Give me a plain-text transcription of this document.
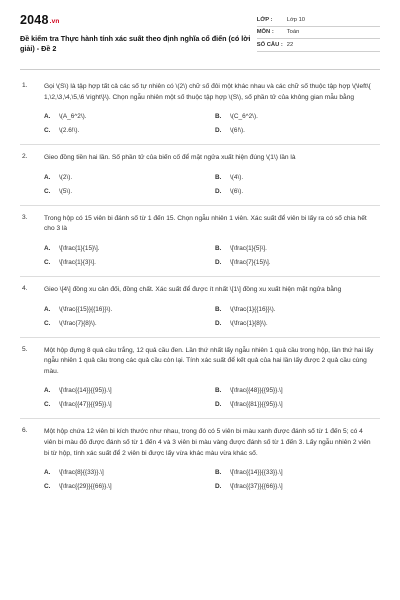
2048.vn
Đề kiểm tra Thực hành tính xác suất theo định nghĩa cổ điển (có lời giải) - Đề 2
LỚP :	Lớp 10
MÔN :	Toán
SỐ CÂU : 22
1.	Gọi \(S\) là tập hợp tất cả các số tự nhiên có \(2\) chữ số đôi một khác nhau và các chữ số thuộc tập hợp \(\left\{ 1,\2,\3,\4,\5,\6 \right\}\). Chọn ngẫu nhiên một số thuộc tập hợp \(S\), số phần tử của không gian mẫu bằng
A.	\(A_6^2\).	B.	\(C_6^2\).
C.	\(2.6!\).	D.	\(6!\).
2.	Gieo đồng tiền hai lần. Số phần tử của biến cố để mặt ngửa xuất hiện đúng \(1\) lần là
A.	\(2\).	B.	\(4\).
C.	\(5\).	D.	\(6\).
3.	Trong hộp có 15 viên bi đánh số từ 1 đến 15. Chọn ngẫu nhiên 1 viên. Xác suất để viên bi lấy ra có số chia hết cho 3 là
A.	\[\frac{1}{15}\].	B.	\[\frac{1}{5}\].
C.	\[\frac{1}{3}\].	D.	\[\frac{7}{15}\].
4.	Gieo \[4\] đồng xu cân đối, đồng chất. Xác suất để được ít nhất \[1\] đồng xu xuất hiện mặt ngửa bằng
A.	\(\frac{{15}}{{16}}\).	B.	\(\frac{1}{{16}}\).
C.	\(\frac{7}{8}\).	D.	\(\frac{1}{8}\).
5.	Một hộp đựng 8 quả cầu trắng, 12 quả cầu đen. Lần thứ nhất lấy ngẫu nhiên 1 quả cầu trong hộp, lần thứ hai lấy ngẫu nhiên 1 quả cầu trong các quả cầu còn lại. Tính xác suất để kết quả của hai lần lấy được 2 quả cầu cùng màu.
A.	\[\frac{{14}}{{95}}.\]	B.	\[\frac{{48}}{{95}}.\]
C.	\[\frac{{47}}{{95}}.\]	D.	\[\frac{{81}}{{95}}.\]
6.	Một hộp chứa 12 viên bi kích thước như nhau, trong đó có 5 viên bi màu xanh được đánh số từ 1 đến 5; có 4 viên bi màu đỏ được đánh số từ 1 đến 4 và 3 viên bi màu vàng được đánh số từ 1 đến 3. Lấy ngẫu nhiên 2 viên bi từ hộp, tính xác suất để 2 viên bi được lấy vừa khác màu vừa khác số.
A.	\[\frac{8}{{33}}.\]	B.	\[\frac{{14}}{{33}}.\]
C.	\[\frac{{29}}{{66}}.\]	D.	\[\frac{{37}}{{66}}.\]
